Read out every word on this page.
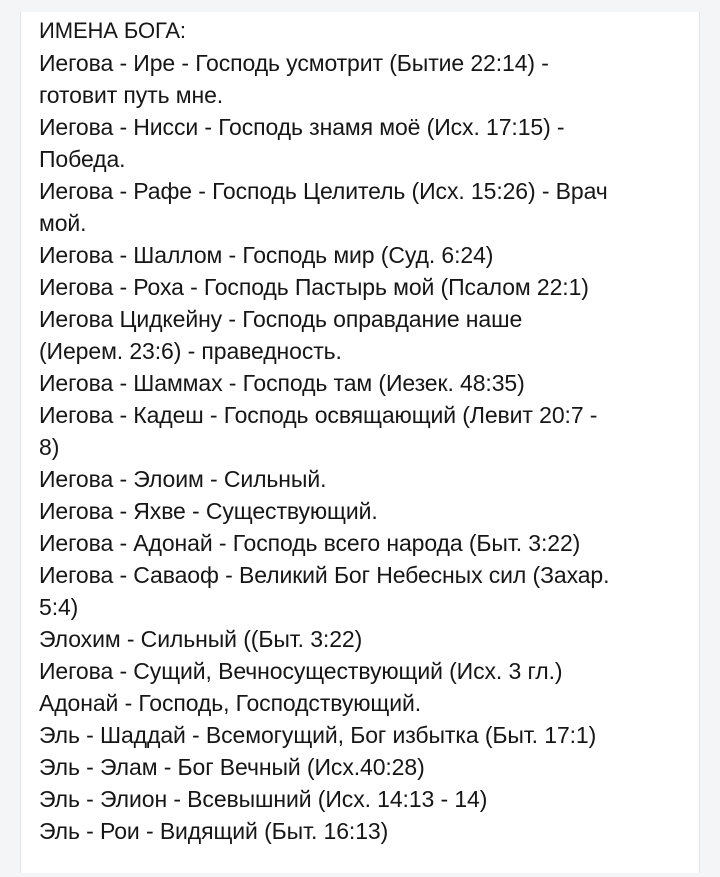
ИМЕНА БОГА:
Иегова - Ире - Господь усмотрит (Бытие 22:14) -
готовит путь мне.
Иегова - Нисси - Господь знамя моё (Исх. 17:15) -
Победа.
Иегова - Рафе - Господь Целитель (Исх. 15:26) - Врач
мой.
Иегова - Шаллом - Господь мир (Суд. 6:24)
Иегова - Роха - Господь Пастырь мой (Псалом 22:1)
Иегова Цидкейну - Господь оправдание наше
(Иерем. 23:6) - праведность.
Иегова - Шаммах - Господь там (Иезек. 48:35)
Иегова - Кадеш - Господь освящающий (Левит 20:7 -
8)
Иегова - Элоим - Сильный.
Иегова - Яхве - Существующий.
Иегова - Адонай - Господь всего народа (Быт. 3:22)
Иегова - Саваоф - Великий Бог Небесных сил (Захар.
5:4)
Элохим - Сильный ((Быт. 3:22)
Иегова - Сущий, Вечносуществующий (Исх. 3 гл.)
Адонай - Господь, Господствующий.
Эль - Шаддай - Всемогущий, Бог избытка (Быт. 17:1)
Эль - Элам - Бог Вечный (Исх.40:28)
Эль - Элион - Всевышний (Исх. 14:13 - 14)
Эль - Рои - Видящий (Быт. 16:13)
